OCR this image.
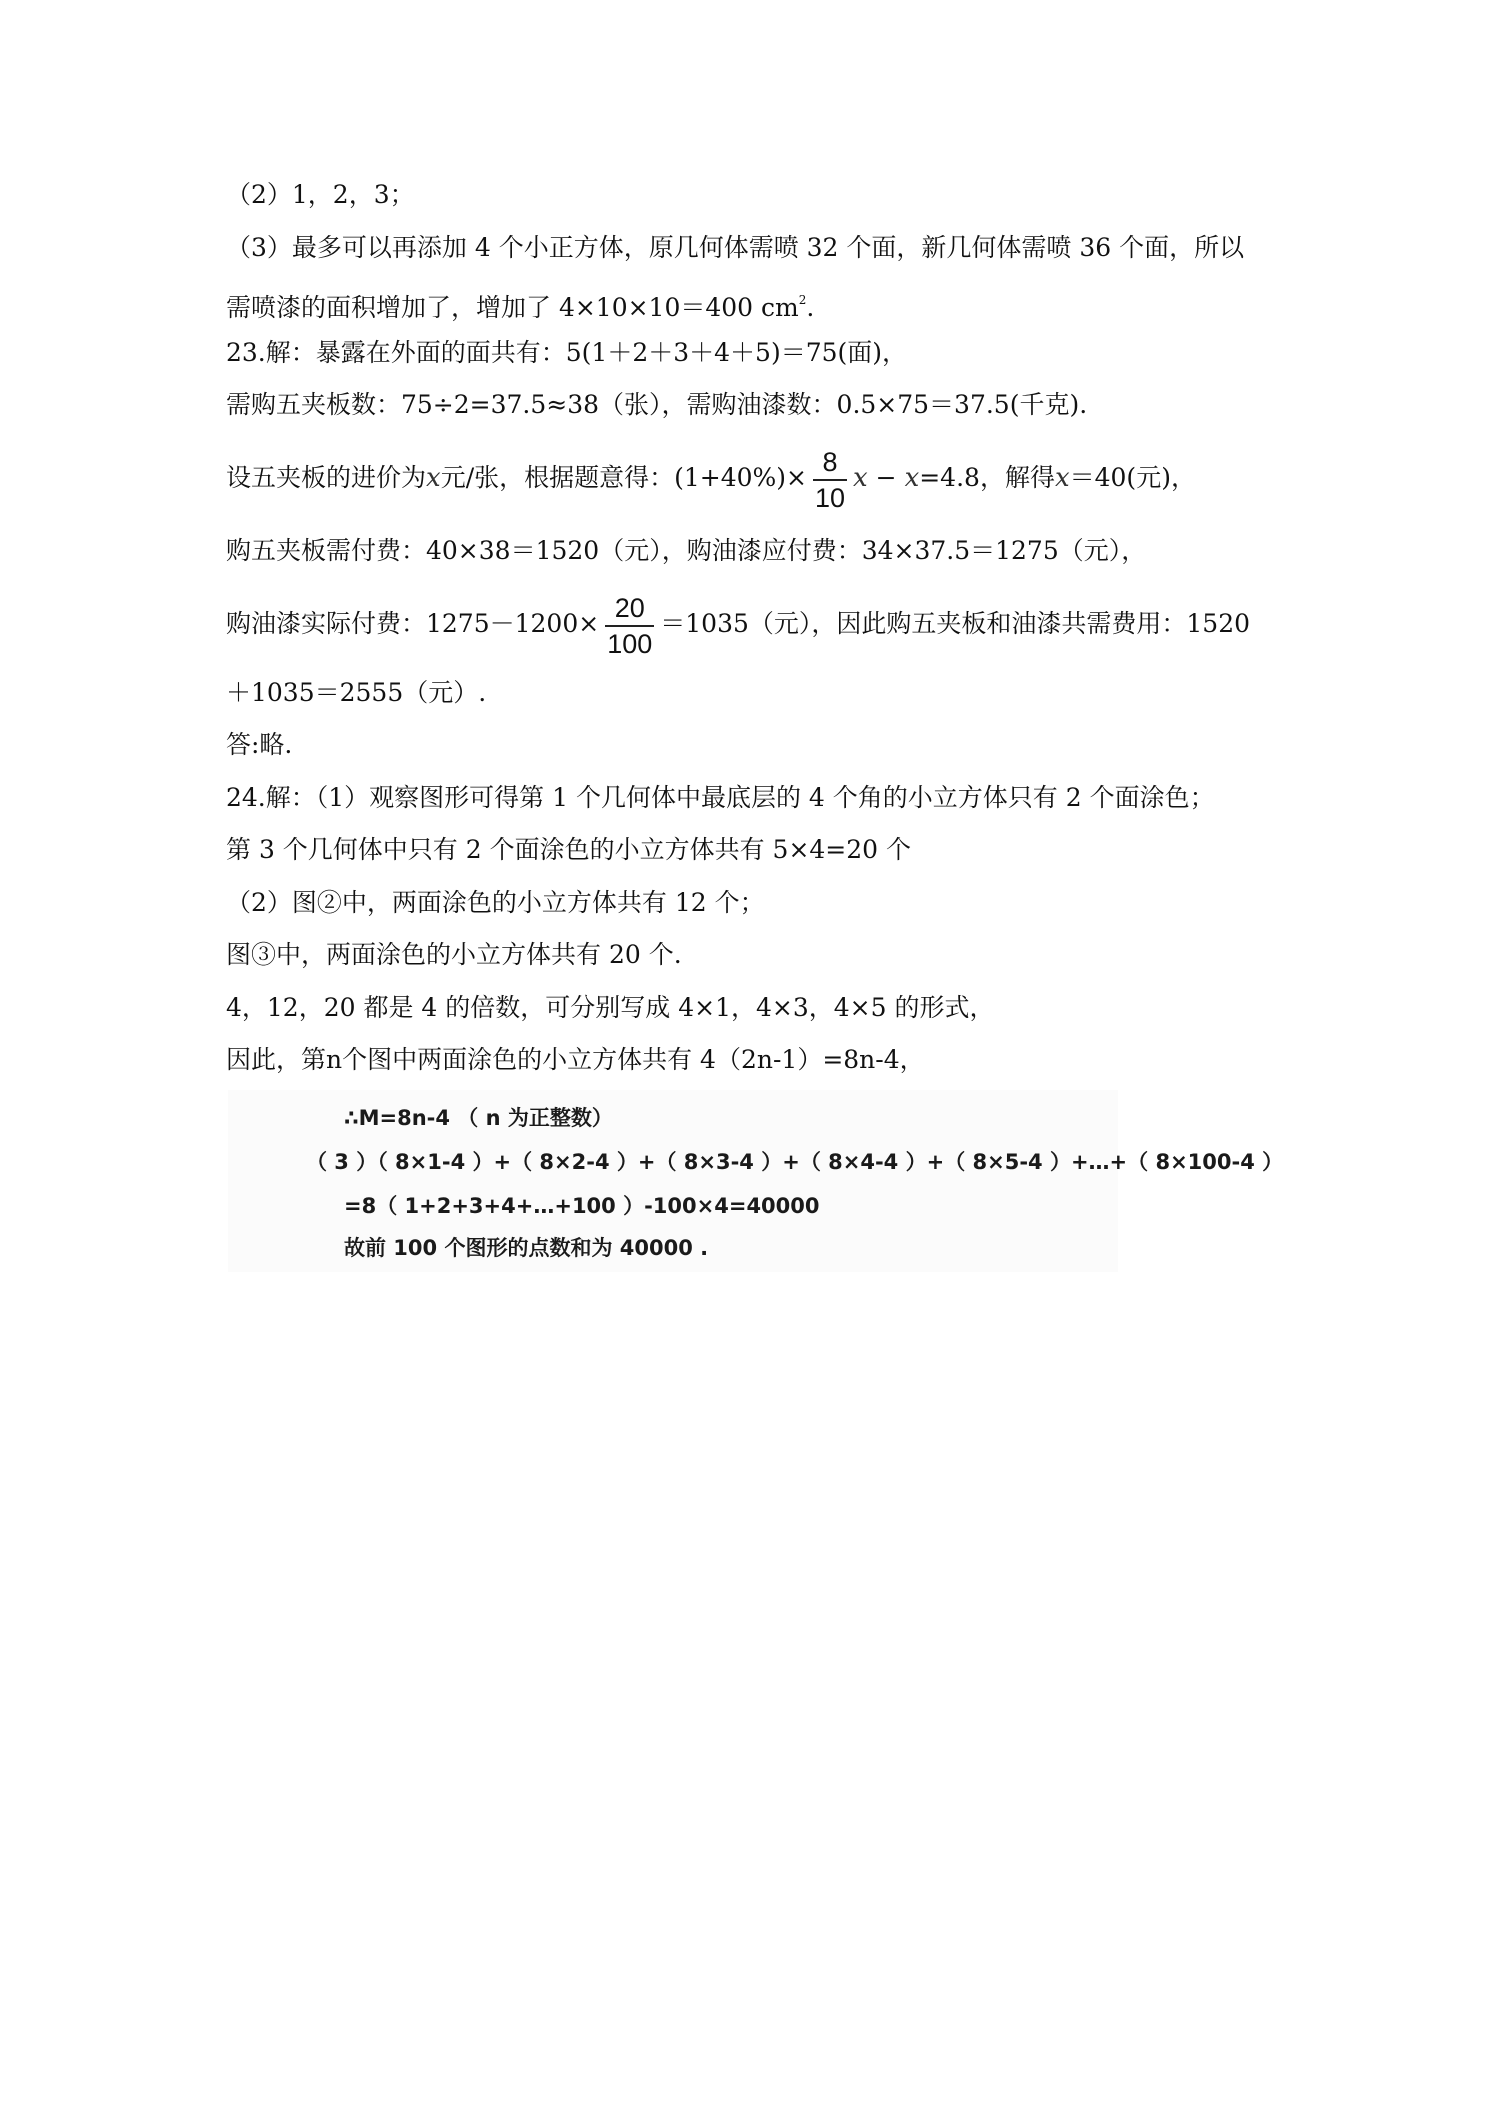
（2）1，2，3；
（3）最多可以再添加 4 个小正方体，原几何体需喷 32 个面，新几何体需喷 36 个面，所以
需喷漆的面积增加了，增加了 4×10×10＝400 $cm^2$.
23.解：暴露在外面的面共有：5(1＋2＋3＋4＋5)＝75(面)，
需购五夹板数：75÷2=37.5≈38（张），需购油漆数：0.5×75＝37.5(千克).
设五夹板的进价为x元/张，根据题意得：$(1+40\%)\times \frac{8}{10}$ x − x=4.8，解得x＝40(元)，
购五夹板需付费：40×38＝1520（元），购油漆应付费：34×37.5＝1275（元），
购油漆实际付费：$1275-1200\times \frac{20}{100} =1035$（元），因此购五夹板和油漆共需费用：1520
＋1035＝2555（元）.
答:略.
24.解：（1）观察图形可得第 1 个几何体中最底层的 4 个角的小立方体只有 2 个面涂色；
第 3 个几何体中只有 2 个面涂色的小立方体共有 5×4=20 个
（2）图②中，两面涂色的小立方体共有 12 个；
图③中，两面涂色的小立方体共有 20 个.
4，12，20 都是 4 的倍数，可分别写成 4×1，4×3，4×5 的形式，
因此，第n个图中两面涂色的小立方体共有 4（2n-1）=8n-4，
∴M=8n-4 （ n 为正整数）
（ 3 ）（ 8×1-4 ）+（ 8×2-4 ）+（ 8×3-4 ）+（ 8×4-4 ）+（ 8×5-4 ）+…+（ 8×100-4 ）
=8（ 1+2+3+4+…+100 ）-100×4=40000
故前 100 个图形的点数和为 40000 .
